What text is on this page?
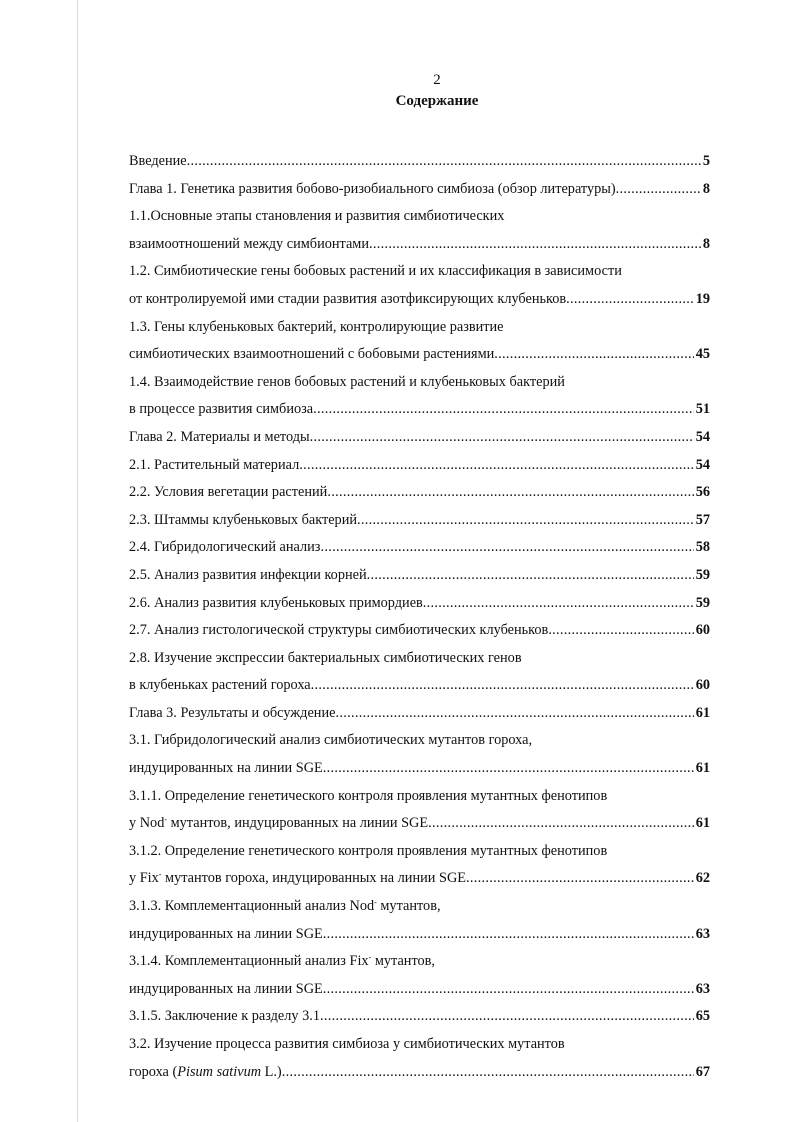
2
Содержание
Введение .....	5
Глава 1. Генетика развития бобово-ризобиального симбиоза (обзор литературы) .....	8
1.1.Основные этапы становления и развития симбиотических
взаимоотношений между симбионтами .....	8
1.2. Симбиотические гены бобовых растений и их классификация в зависимости
от контролируемой ими стадии развития азотфиксирующих клубеньков .....	19
1.3. Гены клубеньковых бактерий, контролирующие развитие
симбиотических взаимоотношений с бобовыми растениями .....	45
1.4. Взаимодействие генов бобовых растений и клубеньковых бактерий
в процессе развития симбиоза .....	51
Глава 2. Материалы и методы .....	54
2.1. Растительный материал .....	54
2.2. Условия вегетации растений .....	56
2.3. Штаммы клубеньковых бактерий .....	57
2.4. Гибридологический анализ .....	58
2.5. Анализ развития инфекции корней .....	59
2.6. Анализ развития клубеньковых примордиев .....	59
2.7. Анализ гистологической структуры симбиотических клубеньков .....	60
2.8. Изучение экспрессии бактериальных симбиотических генов
в клубеньках растений гороха .....	60
Глава 3. Результаты и обсуждение .....	61
3.1. Гибридологический анализ симбиотических мутантов гороха,
индуцированных на линии SGE .....	61
3.1.1. Определение генетического контроля проявления мутантных фенотипов
у Nod- мутантов, индуцированных на линии SGE .....	61
3.1.2. Определение генетического контроля проявления мутантных фенотипов
у Fix- мутантов гороха, индуцированных на линии SGE .....	62
3.1.3. Комплементационный анализ Nod- мутантов,
индуцированных на линии SGE .....	63
3.1.4. Комплементационный анализ Fix- мутантов,
индуцированных на линии SGE .....	63
3.1.5. Заключение к разделу 3.1 .....	65
3.2. Изучение процесса развития симбиоза у симбиотических мутантов
гороха (Pisum sativum L.) .....	67
